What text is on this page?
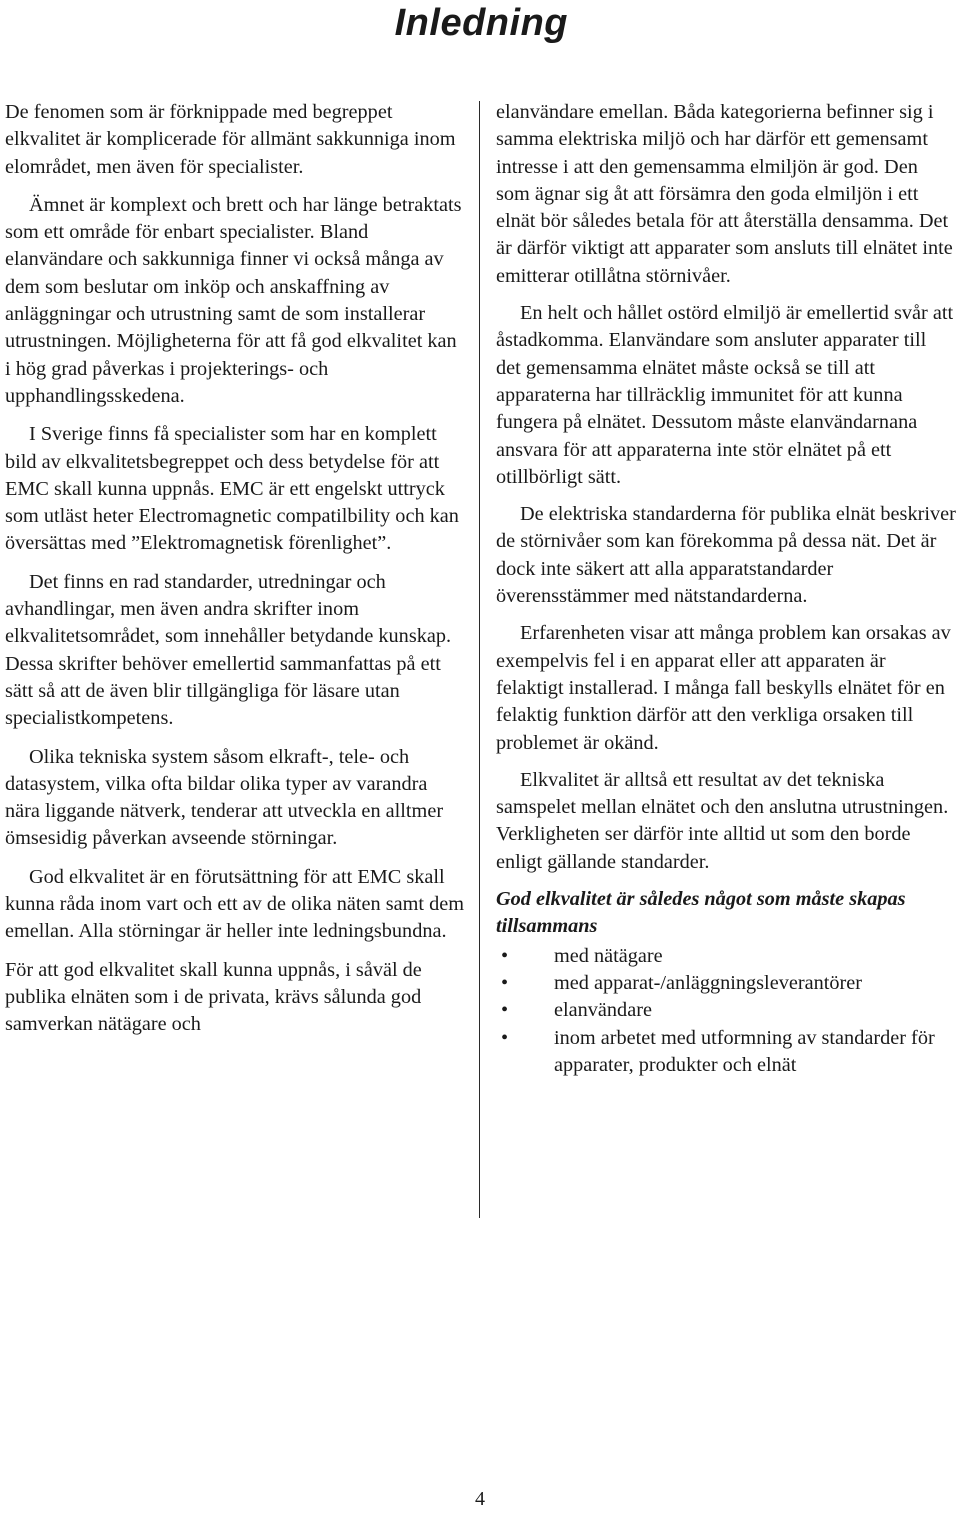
Inledning

De fenomen som är förknippade med begreppet elkvalitet är komplicerade för allmänt sakkunniga inom elområdet, men även för specialister.

Ämnet är komplext och brett och har länge betraktats som ett område för enbart specialister. Bland elanvändare och sakkunniga finner vi också många av dem som beslutar om inköp och anskaffning av anläggningar och utrustning samt de som installerar utrustningen. Möjligheterna för att få god elkvalitet kan i hög grad påverkas i projekterings- och upphandlingsskedena.

I Sverige finns få specialister som har en komplett bild av elkvalitetsbegreppet och dess betydelse för att EMC skall kunna uppnås. EMC är ett engelskt uttryck som utläst heter Electromagnetic compatilbility och kan översättas med ”Elektromagnetisk förenlighet”.

Det finns en rad standarder, utredningar och avhandlingar, men även andra skrifter inom elkvalitetsområdet, som innehåller betydande kunskap. Dessa skrifter behöver emellertid sammanfattas på ett sätt så att de även blir tillgängliga för läsare utan specialistkompetens.

Olika tekniska system såsom elkraft-, tele- och datasystem, vilka ofta bildar olika typer av varandra nära liggande nätverk, tenderar att utveckla en alltmer ömsesidig påverkan avseende störningar.

God elkvalitet är en förutsättning för att EMC skall kunna råda inom vart och ett av de olika näten samt dem emellan. Alla störningar är heller inte ledningsbundna.

För att god elkvalitet skall kunna uppnås, i såväl de publika elnäten som i de privata, krävs sålunda god samverkan nätägare och

elanvändare emellan. Båda kategorierna befinner sig i samma elektriska miljö och har därför ett gemensamt intresse i att den gemensamma elmiljön är god. Den som ägnar sig åt att försämra den goda elmiljön i ett elnät bör således betala för att återställa densamma. Det är därför viktigt att apparater som ansluts till elnätet inte emitterar otillåtna störnivåer.

En helt och hållet ostörd elmiljö är emellertid svår att åstadkomma. Elanvändare som ansluter apparater till det gemensamma elnätet måste också se till att apparaterna har tillräcklig immunitet för att kunna fungera på elnätet. Dessutom måste elanvändarnana ansvara för att apparaterna inte stör elnätet på ett otillbörligt sätt.

De elektriska standarderna för publika elnät beskriver de störnivåer som kan förekomma på dessa nät. Det är dock inte säkert att alla apparatstandarder överensstämmer med nätstandarderna.

Erfarenheten visar att många problem kan orsakas av exempelvis fel i en apparat eller att apparaten är felaktigt installerad. I många fall beskylls elnätet för en felaktig funktion därför att den verkliga orsaken till problemet är okänd.

Elkvalitet är alltså ett resultat av det tekniska samspelet mellan elnätet och den anslutna utrustningen. Verkligheten ser därför inte alltid ut som den borde enligt gällande standarder.

God elkvalitet är således något som måste skapas tillsammans
• med nätägare
• med apparat-/anläggningsleverantörer
• elanvändare
• inom arbetet med utformning av standarder för apparater, produkter och elnät
4
